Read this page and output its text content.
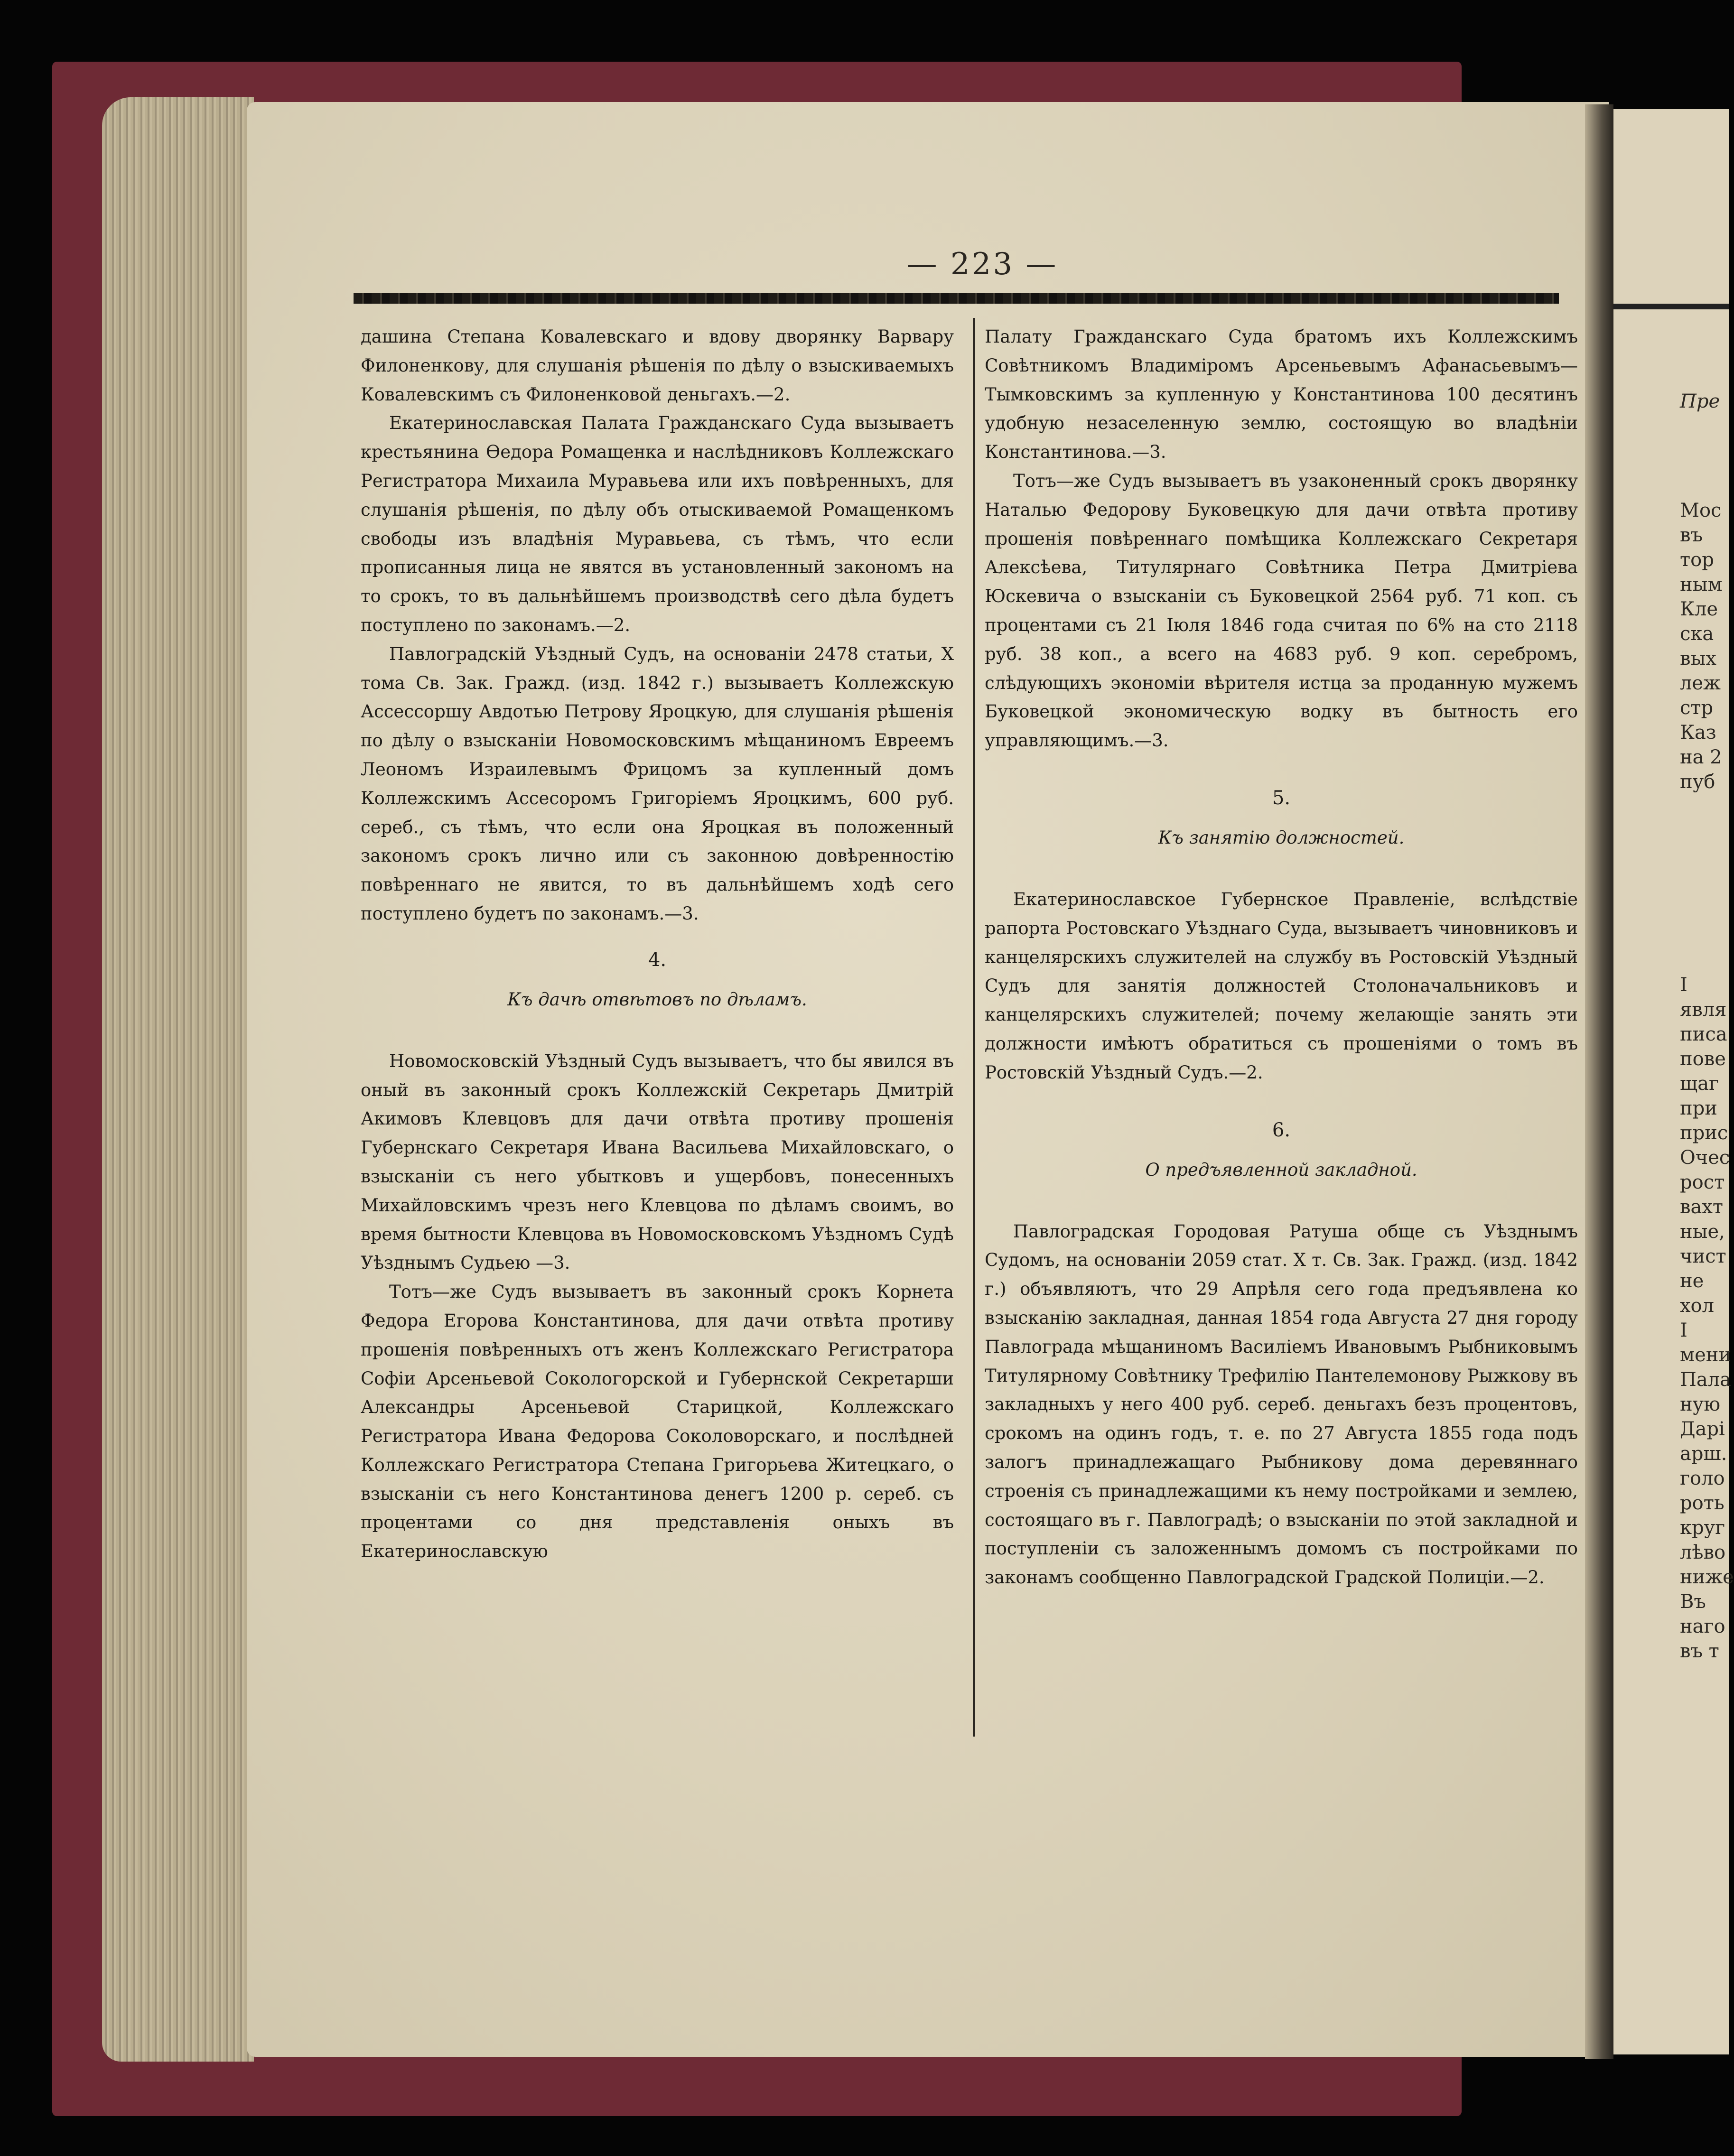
Пре
Мос
въ
тор
ным
Кле
ска
вых
леж
стр
Каз
на 2
пуб
I
явля
писа
пове
щаг
при
прис
Очес
рост
вахт
ные,
чист
не
хол
I
мени
Пала
ную
Дарі
арш.
голо
роть
круг
лѣво
ниже
Въ
наго
въ т
— 223 —

дашина Степана Ковалевскаго и вдову дворянку Варвару Филоненкову, для слушанія рѣшенія по дѣлу о взыскиваемыхъ Ковалевскимъ съ Филоненковой деньгахъ.—2.

Екатеринославская Палата Гражданскаго Суда вызываетъ крестьянина Ѳедора Ромащенка и наслѣдниковъ Коллежскаго Регистратора Михаила Муравьева или ихъ повѣренныхъ, для слушанія рѣшенія, по дѣлу объ отыскиваемой Ромащенкомъ свободы изъ владѣнія Муравьева, съ тѣмъ, что если прописанныя лица не явятся въ установленный закономъ на то срокъ, то въ дальнѣйшемъ производствѣ сего дѣла будетъ поступлено по законамъ.—2.

Павлоградскій Уѣздный Судъ, на основаніи 2478 статьи, X тома Св. Зак. Гражд. (изд. 1842 г.) вызываетъ Коллежскую Ассессоршу Авдотью Петрову Яроцкую, для слушанія рѣшенія по дѣлу о взысканіи Новомосковскимъ мѣщаниномъ Евреемъ Леономъ Израилевымъ Фрицомъ за купленный домъ Коллежскимъ Ассесоромъ Григоріемъ Яроцкимъ, 600 руб. сереб., съ тѣмъ, что если она Яроцкая въ положенный закономъ срокъ лично или съ законною довѣренностію повѣреннаго не явится, то въ дальнѣйшемъ ходѣ сего поступлено будетъ по законамъ.—3.

4.
Къ дачѣ отвѣтовъ по дѣламъ.

Новомосковскій Уѣздный Судъ вызываетъ, что бы явился въ оный въ законный срокъ Коллежскій Секретарь Дмитрій Акимовъ Клевцовъ для дачи отвѣта противу прошенія Губернскаго Секретаря Ивана Васильева Михайловскаго, о взысканіи съ него убытковъ и ущербовъ, понесенныхъ Михайловскимъ чрезъ него Клевцова по дѣламъ своимъ, во время бытности Клевцова въ Новомосковскомъ Уѣздномъ Судѣ Уѣзднымъ Судьею —3.

Тотъ—же Судъ вызываетъ въ законный срокъ Корнета Федора Егорова Константинова, для дачи отвѣта противу прошенія повѣренныхъ отъ женъ Коллежскаго Регистратора Софіи Арсеньевой Сокологорской и Губернской Секретарши Александры Арсеньевой Старицкой, Коллежскаго Регистратора Ивана Федорова Соколоворскаго, и послѣдней Коллежскаго Регистратора Степана Григорьева Житецкаго, о взысканіи съ него Константинова денегъ 1200 р. сереб. съ процентами со дня представленія оныхъ въ Екатеринославскую

Палату Гражданскаго Суда братомъ ихъ Коллежскимъ Совѣтникомъ Владиміромъ Арсеньевымъ Афанасьевымъ—Тымковскимъ за купленную у Константинова 100 десятинъ удобную незаселенную землю, состоящую во владѣніи Константинова.—3.

Тотъ—же Судъ вызываетъ въ узаконенный срокъ дворянку Наталью Федорову Буковецкую для дачи отвѣта противу прошенія повѣреннаго помѣщика Коллежскаго Секретаря Алексѣева, Титулярнаго Совѣтника Петра Дмитріева Юскевича о взысканіи съ Буковецкой 2564 руб. 71 коп. съ процентами съ 21 Іюля 1846 года считая по 6% на сто 2118 руб. 38 коп., а всего на 4683 руб. 9 коп. серебромъ, слѣдующихъ экономіи вѣрителя истца за проданную мужемъ Буковецкой экономическую водку въ бытность его управляющимъ.—3.

5.
Къ занятію должностей.

Екатеринославское Губернское Правленіе, вслѣдствіе рапорта Ростовскаго Уѣзднаго Суда, вызываетъ чиновниковъ и канцелярскихъ служителей на службу въ Ростовскій Уѣздный Судъ для занятія должностей Столоначальниковъ и канцелярскихъ служителей; почему желающіе занять эти должности имѣютъ обратиться съ прошеніями о томъ въ Ростовскій Уѣздный Судъ.—2.

6.
О предъявленной закладной.

Павлоградская Городовая Ратуша обще съ Уѣзднымъ Судомъ, на основаніи 2059 стат. X т. Св. Зак. Гражд. (изд. 1842 г.) объявляютъ, что 29 Апрѣля сего года предъявлена ко взысканію закладная, данная 1854 года Августа 27 дня городу Павлограда мѣщаниномъ Василіемъ Ивановымъ Рыбниковымъ Титулярному Совѣтнику Трефилію Пантелемонову Рыжкову въ закладныхъ у него 400 руб. сереб. деньгахъ безъ процентовъ, срокомъ на одинъ годъ, т. е. по 27 Августа 1855 года подъ залогъ принадлежащаго Рыбникову дома деревяннаго строенія съ принадлежащими къ нему постройками и землею, состоящаго въ г. Павлоградѣ; о взысканіи по этой закладной и поступленіи съ заложеннымъ домомъ съ постройками по законамъ сообщенно Павлоградской Градской Полиціи.—2.
